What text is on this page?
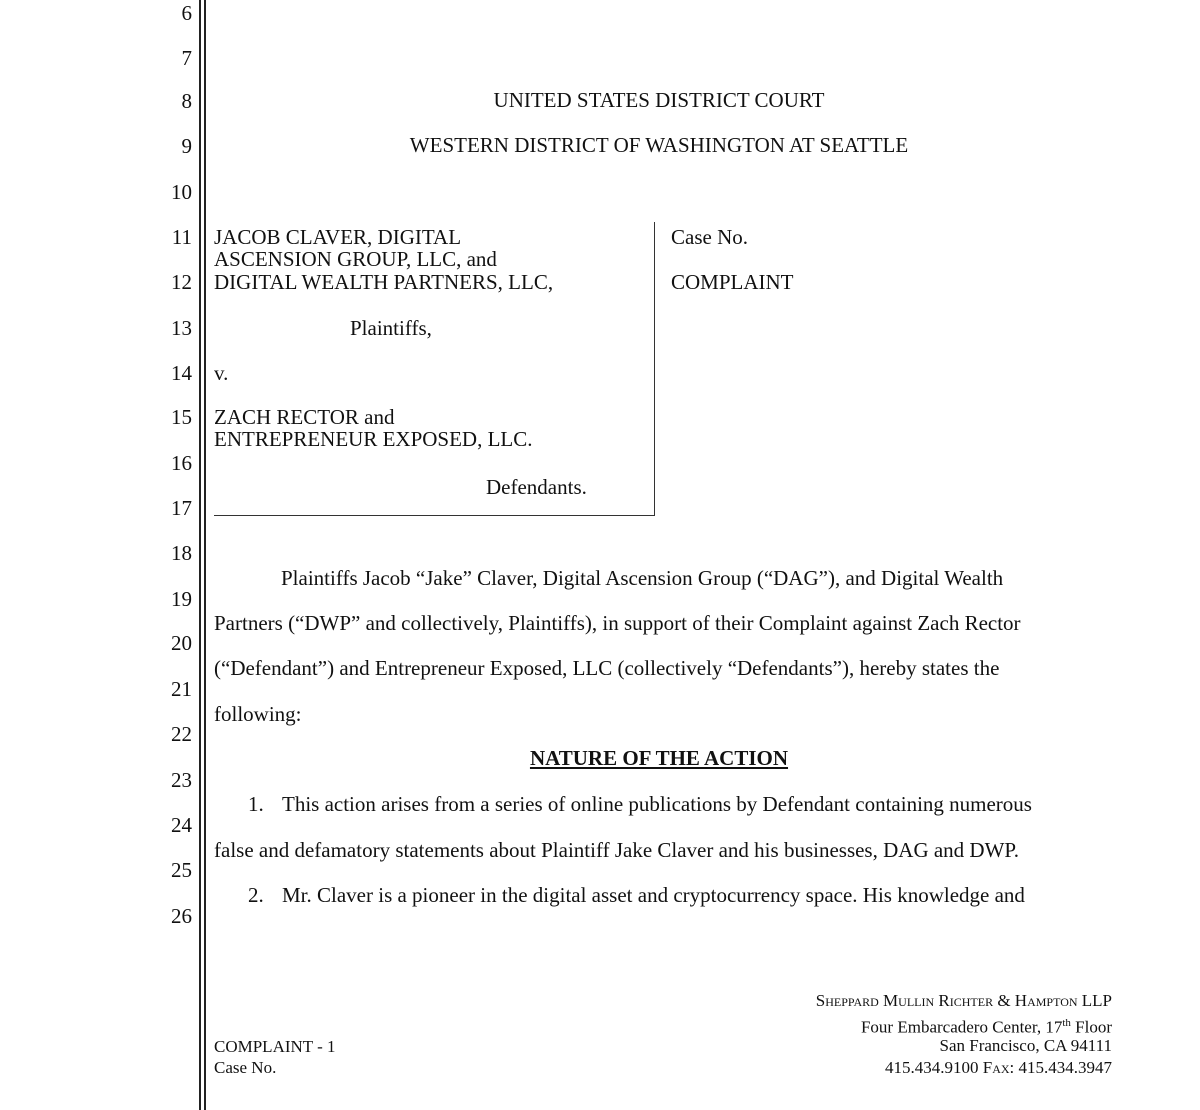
6
7
8
9
10
11
12
13
14
15
16
17
18
19
20
21
22
23
24
25
26
UNITED STATES DISTRICT COURT
WESTERN DISTRICT OF WASHINGTON AT SEATTLE
JACOB CLAVER, DIGITAL
ASCENSION GROUP, LLC, and
DIGITAL WEALTH PARTNERS, LLC,
Plaintiffs,
v.
ZACH RECTOR and
ENTREPRENEUR EXPOSED, LLC.
Defendants.
Case No.
COMPLAINT
Plaintiffs Jacob “Jake” Claver, Digital Ascension Group (“DAG”), and Digital Wealth
Partners (“DWP” and collectively, Plaintiffs), in support of their Complaint against Zach Rector
(“Defendant”) and Entrepreneur Exposed, LLC (collectively “Defendants”), hereby states the
following:
NATURE OF THE ACTION
1. This action arises from a series of online publications by Defendant containing numerous
false and defamatory statements about Plaintiff Jake Claver and his businesses, DAG and DWP.
2. Mr. Claver is a pioneer in the digital asset and cryptocurrency space. His knowledge and
COMPLAINT - 1
Case No.
Sheppard Mullin Richter & Hampton LLP
Four Embarcadero Center, 17th Floor
San Francisco, CA 94111
415.434.9100 Fax: 415.434.3947
